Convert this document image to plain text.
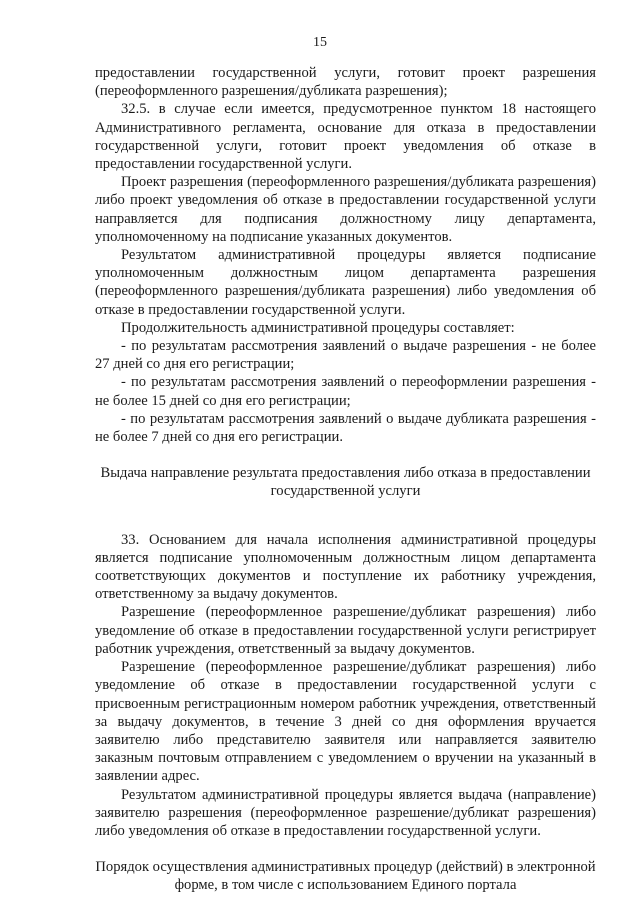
15

предоставлении государственной услуги, готовит проект разрешения (переоформленного разрешения/дубликата разрешения);

32.5. в случае если имеется, предусмотренное пунктом 18 настоящего Административного регламента, основание для отказа в предоставлении государственной услуги, готовит проект уведомления об отказе в предоставлении государственной услуги.

Проект разрешения (переоформленного разрешения/дубликата разрешения) либо проект уведомления об отказе в предоставлении государственной услуги направляется для подписания должностному лицу департамента, уполномоченному на подписание указанных документов.

Результатом административной процедуры является подписание уполномоченным должностным лицом департамента разрешения (переоформленного разрешения/дубликата разрешения) либо уведомления об отказе в предоставлении государственной услуги.

Продолжительность административной процедуры составляет:

- по результатам рассмотрения заявлений о выдаче разрешения - не более 27 дней со дня его регистрации;

- по результатам рассмотрения заявлений о переоформлении разрешения - не более 15 дней со дня его регистрации;

- по результатам рассмотрения заявлений о выдаче дубликата разрешения - не более 7 дней со дня его регистрации.

Выдача направление результата предоставления либо отказа в предоставлении государственной услуги

33. Основанием для начала исполнения административной процедуры является подписание уполномоченным должностным лицом департамента соответствующих документов и поступление их работнику учреждения, ответственному за выдачу документов.

Разрешение (переоформленное разрешение/дубликат разрешения) либо уведомление об отказе в предоставлении государственной услуги регистрирует работник учреждения, ответственный за выдачу документов.

Разрешение (переоформленное разрешение/дубликат разрешения) либо уведомление об отказе в предоставлении государственной услуги с присвоенным регистрационным номером работник учреждения, ответственный за выдачу документов, в течение 3 дней со дня оформления вручается заявителю либо представителю заявителя или направляется заявителю заказным почтовым отправлением с уведомлением о вручении на указанный в заявлении адрес.

Результатом административной процедуры является выдача (направление) заявителю разрешения (переоформленное разрешение/дубликат разрешения) либо уведомления об отказе в предоставлении государственной услуги.

Порядок осуществления административных процедур (действий) в электронной форме, в том числе с использованием Единого портала
